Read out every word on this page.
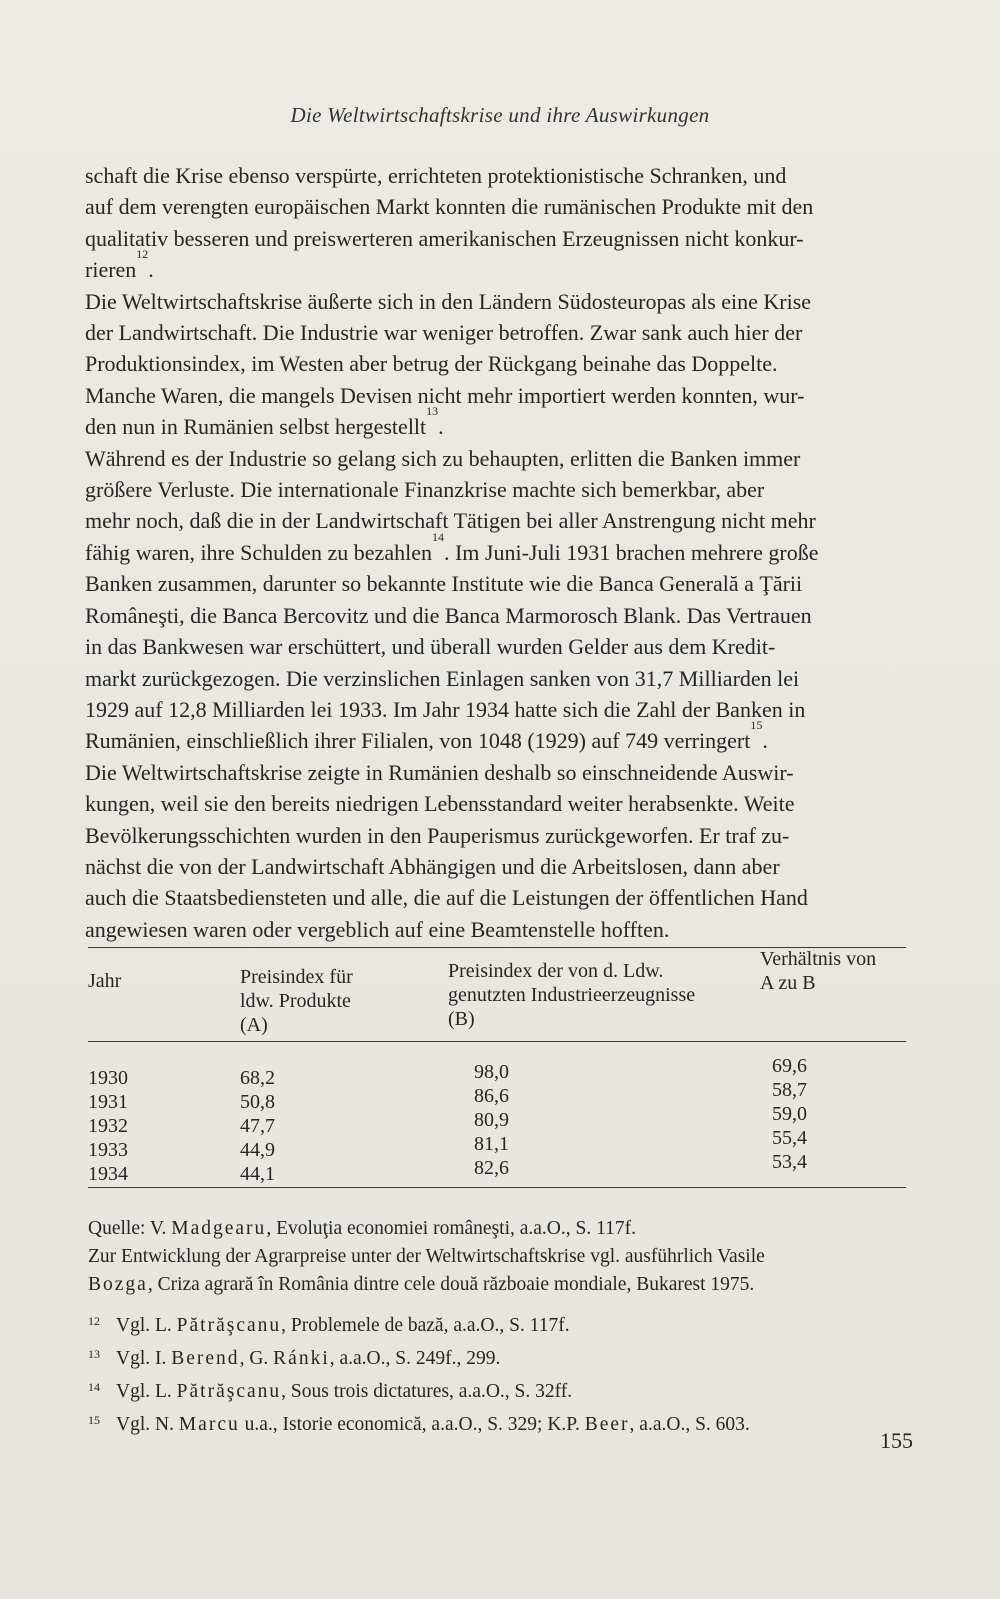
Die Weltwirtschaftskrise und ihre Auswirkungen
schaft die Krise ebenso verspürte, errichteten protektionistische Schranken, und
auf dem verengten europäischen Markt konnten die rumänischen Produkte mit den
qualitativ besseren und preiswerteren amerikanischen Erzeugnissen nicht konkur-
rieren
12
.
Die Weltwirtschaftskrise äußerte sich in den Ländern Südosteuropas als eine Krise
der Landwirtschaft. Die Industrie war weniger betroffen. Zwar sank auch hier der
Produktionsindex, im Westen aber betrug der Rückgang beinahe das Doppelte.
Manche Waren, die mangels Devisen nicht mehr importiert werden konnten, wur-
den nun in Rumänien selbst hergestellt
13
.
Während es der Industrie so gelang sich zu behaupten, erlitten die Banken immer
größere Verluste. Die internationale Finanzkrise machte sich bemerkbar, aber
mehr noch, daß die in der Landwirtschaft Tätigen bei aller Anstrengung nicht mehr
fähig waren, ihre Schulden zu bezahlen
14
. Im Juni-Juli 1931 brachen mehrere große
Banken zusammen, darunter so bekannte Institute wie die Banca Generală a Ţării
Româneşti, die Banca Bercovitz und die Banca Marmorosch Blank. Das Vertrauen
in das Bankwesen war erschüttert, und überall wurden Gelder aus dem Kredit-
markt zurückgezogen. Die verzinslichen Einlagen sanken von 31,7 Milliarden lei
1929 auf 12,8 Milliarden lei 1933. Im Jahr 1934 hatte sich die Zahl der Banken in
Rumänien, einschließlich ihrer Filialen, von 1048 (1929) auf 749 verringert
15
.
Die Weltwirtschaftskrise zeigte in Rumänien deshalb so einschneidende Auswir-
kungen, weil sie den bereits niedrigen Lebensstandard weiter herabsenkte. Weite
Bevölkerungsschichten wurden in den Pauperismus zurückgeworfen. Er traf zu-
nächst die von der Landwirtschaft Abhängigen und die Arbeitslosen, dann aber
auch die Staatsbediensteten und alle, die auf die Leistungen der öffentlichen Hand
angewiesen waren oder vergeblich auf eine Beamtenstelle hofften.
Jahr	Preisindex für
ldw. Produkte
(A)
Preisindex der von d. Ldw.
genutzten Industrieerzeugnisse
(B)
Verhältnis von
A zu B
1930	68,2	98,0	69,6
1931	50,8	86,6	58,7
1932	47,7	80,9	59,0
1933	44,9	81,1	55,4
1934	44,1	82,6	53,4
Quelle: V. Madgearu, Evoluţia economiei româneşti, a.a.O., S. 117f.
Zur Entwicklung der Agrarpreise unter der Weltwirtschaftskrise vgl. ausführlich Vasile
Bozga, Criza agrară în România dintre cele două războaie mondiale, Bukarest 1975.
12 Vgl. L. Pătrăşcanu, Problemele de bază, a.a.O., S. 117f.
13 Vgl. I. Berend, G. Ránki, a.a.O., S. 249f., 299.
14 Vgl. L. Pătrăşcanu, Sous trois dictatures, a.a.O., S. 32ff.
15 Vgl. N. Marcu u.a., Istorie economică, a.a.O., S. 329; K.P. Beer, a.a.O., S. 603.
155
